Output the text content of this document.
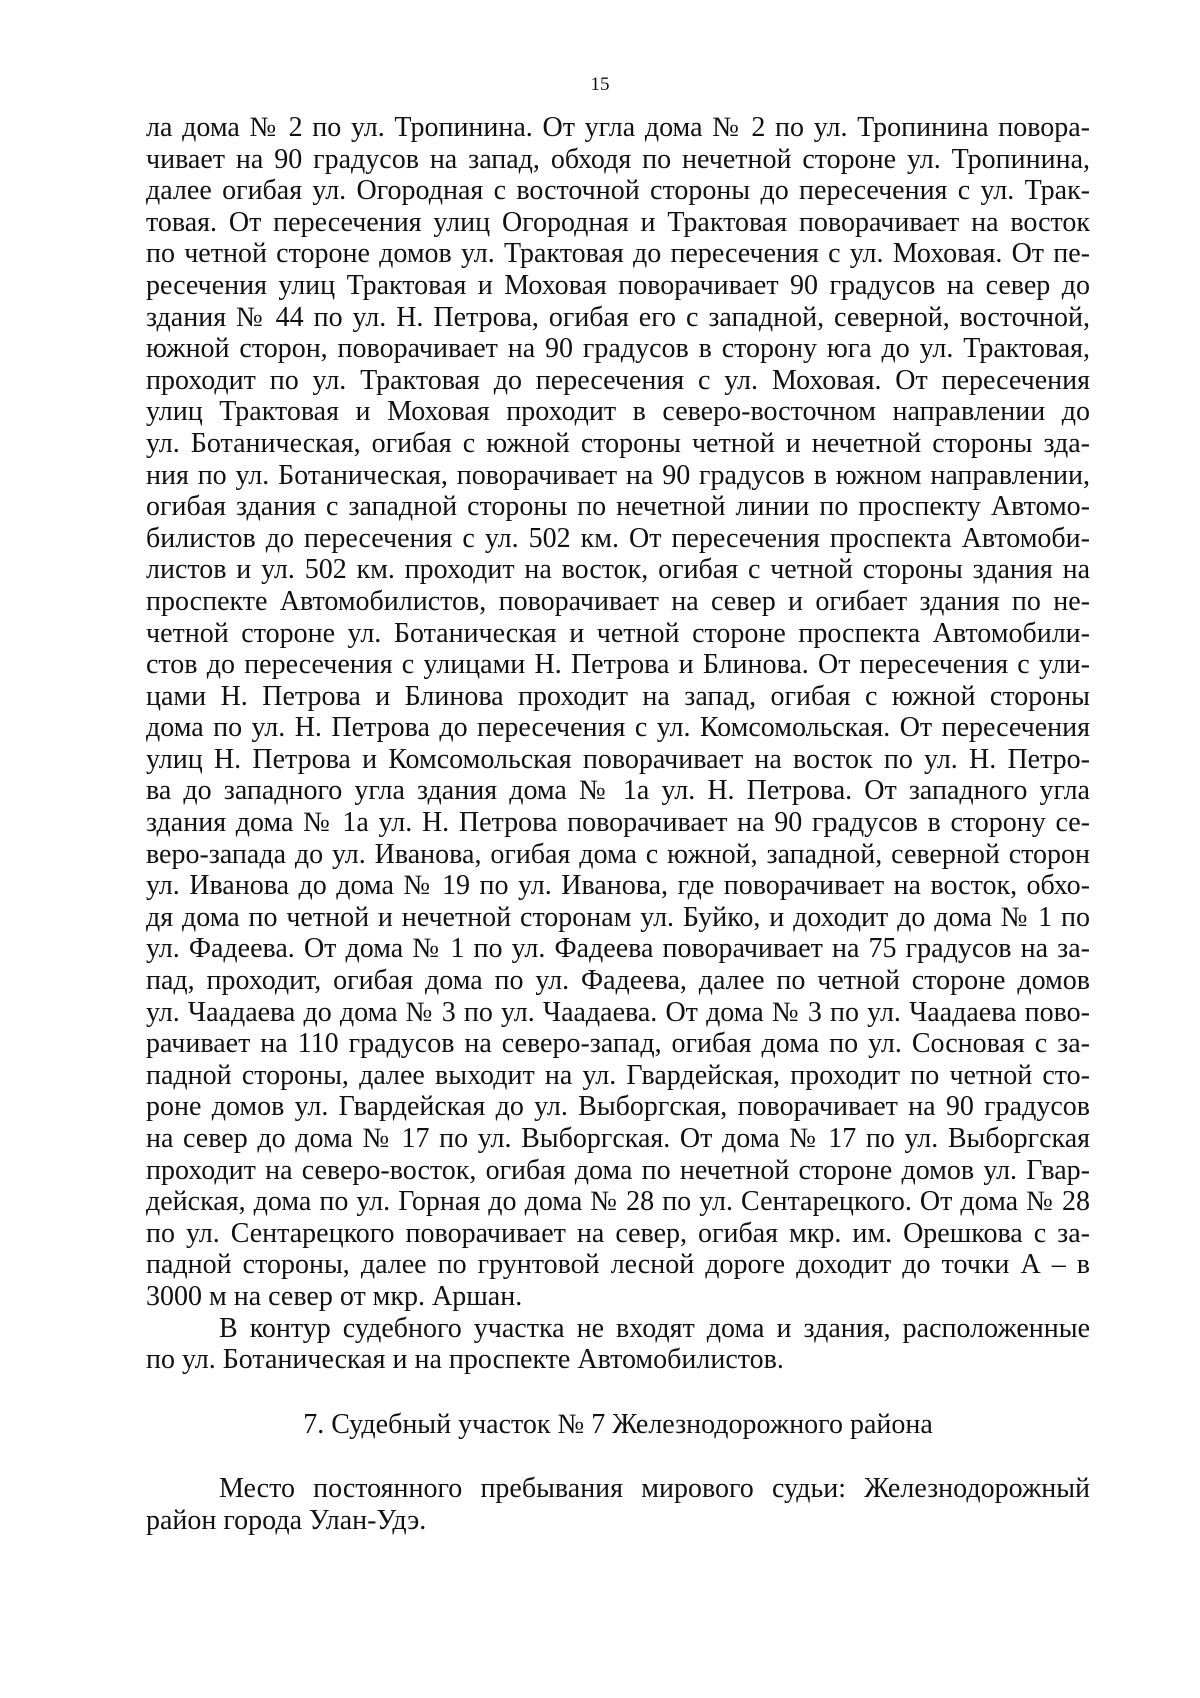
15
ла дома № 2 по ул. Тропинина. От угла дома № 2 по ул. Тропинина повора-
чивает на 90 градусов на запад, обходя по нечетной стороне ул. Тропинина,
далее огибая ул. Огородная с восточной стороны до пересечения с ул. Трак-
товая. От пересечения улиц Огородная и Трактовая поворачивает на восток
по четной стороне домов ул. Трактовая до пересечения с ул. Моховая. От пе-
ресечения улиц Трактовая и Моховая поворачивает 90 градусов на север до
здания № 44 по ул. Н. Петрова, огибая его с западной, северной, восточной,
южной сторон, поворачивает на 90 градусов в сторону юга до ул. Трактовая,
проходит по ул. Трактовая до пересечения с ул. Моховая. От пересечения
улиц Трактовая и Моховая проходит в северо-восточном направлении до
ул. Ботаническая, огибая с южной стороны четной и нечетной стороны зда-
ния по ул. Ботаническая, поворачивает на 90 градусов в южном направлении,
огибая здания с западной стороны по нечетной линии по проспекту Автомо-
билистов до пересечения с ул. 502 км. От пересечения проспекта Автомоби-
листов и ул. 502 км. проходит на восток, огибая с четной стороны здания на
проспекте Автомобилистов, поворачивает на север и огибает здания по не-
четной стороне ул. Ботаническая и четной стороне проспекта Автомобили-
стов до пересечения с улицами Н. Петрова и Блинова. От пересечения с ули-
цами Н. Петрова и Блинова проходит на запад, огибая с южной стороны
дома по ул. Н. Петрова до пересечения с ул. Комсомольская. От пересечения
улиц Н. Петрова и Комсомольская поворачивает на восток по ул. Н. Петро-
ва до западного угла здания дома № 1а ул. Н. Петрова. От западного угла
здания дома № 1а ул. Н. Петрова поворачивает на 90 градусов в сторону се-
веро-запада до ул. Иванова, огибая дома с южной, западной, северной сторон
ул. Иванова до дома № 19 по ул. Иванова, где поворачивает на восток, обхо-
дя дома по четной и нечетной сторонам ул. Буйко, и доходит до дома № 1 по
ул. Фадеева. От дома № 1 по ул. Фадеева поворачивает на 75 градусов на за-
пад, проходит, огибая дома по ул. Фадеева, далее по четной стороне домов
ул. Чаадаева до дома № 3 по ул. Чаадаева. От дома № 3 по ул. Чаадаева пово-
рачивает на 110 градусов на северо-запад, огибая дома по ул. Сосновая с за-
падной стороны, далее выходит на ул. Гвардейская, проходит по четной сто-
роне домов ул. Гвардейская до ул. Выборгская, поворачивает на 90 градусов
на север до дома № 17 по ул. Выборгская. От дома № 17 по ул. Выборгская
проходит на северо-восток, огибая дома по нечетной стороне домов ул. Гвар-
дейская, дома по ул. Горная до дома № 28 по ул. Сентарецкого. От дома № 28
по ул. Сентарецкого поворачивает на север, огибая мкр. им. Орешкова с за-
падной стороны, далее по грунтовой лесной дороге доходит до точки А – в
3000 м на север от мкр. Аршан.
В контур судебного участка не входят дома и здания, расположенные
по ул. Ботаническая и на проспекте Автомобилистов.
7. Судебный участок № 7 Железнодорожного района
Место постоянного пребывания мирового судьи: Железнодорожный
район города Улан-Удэ.
